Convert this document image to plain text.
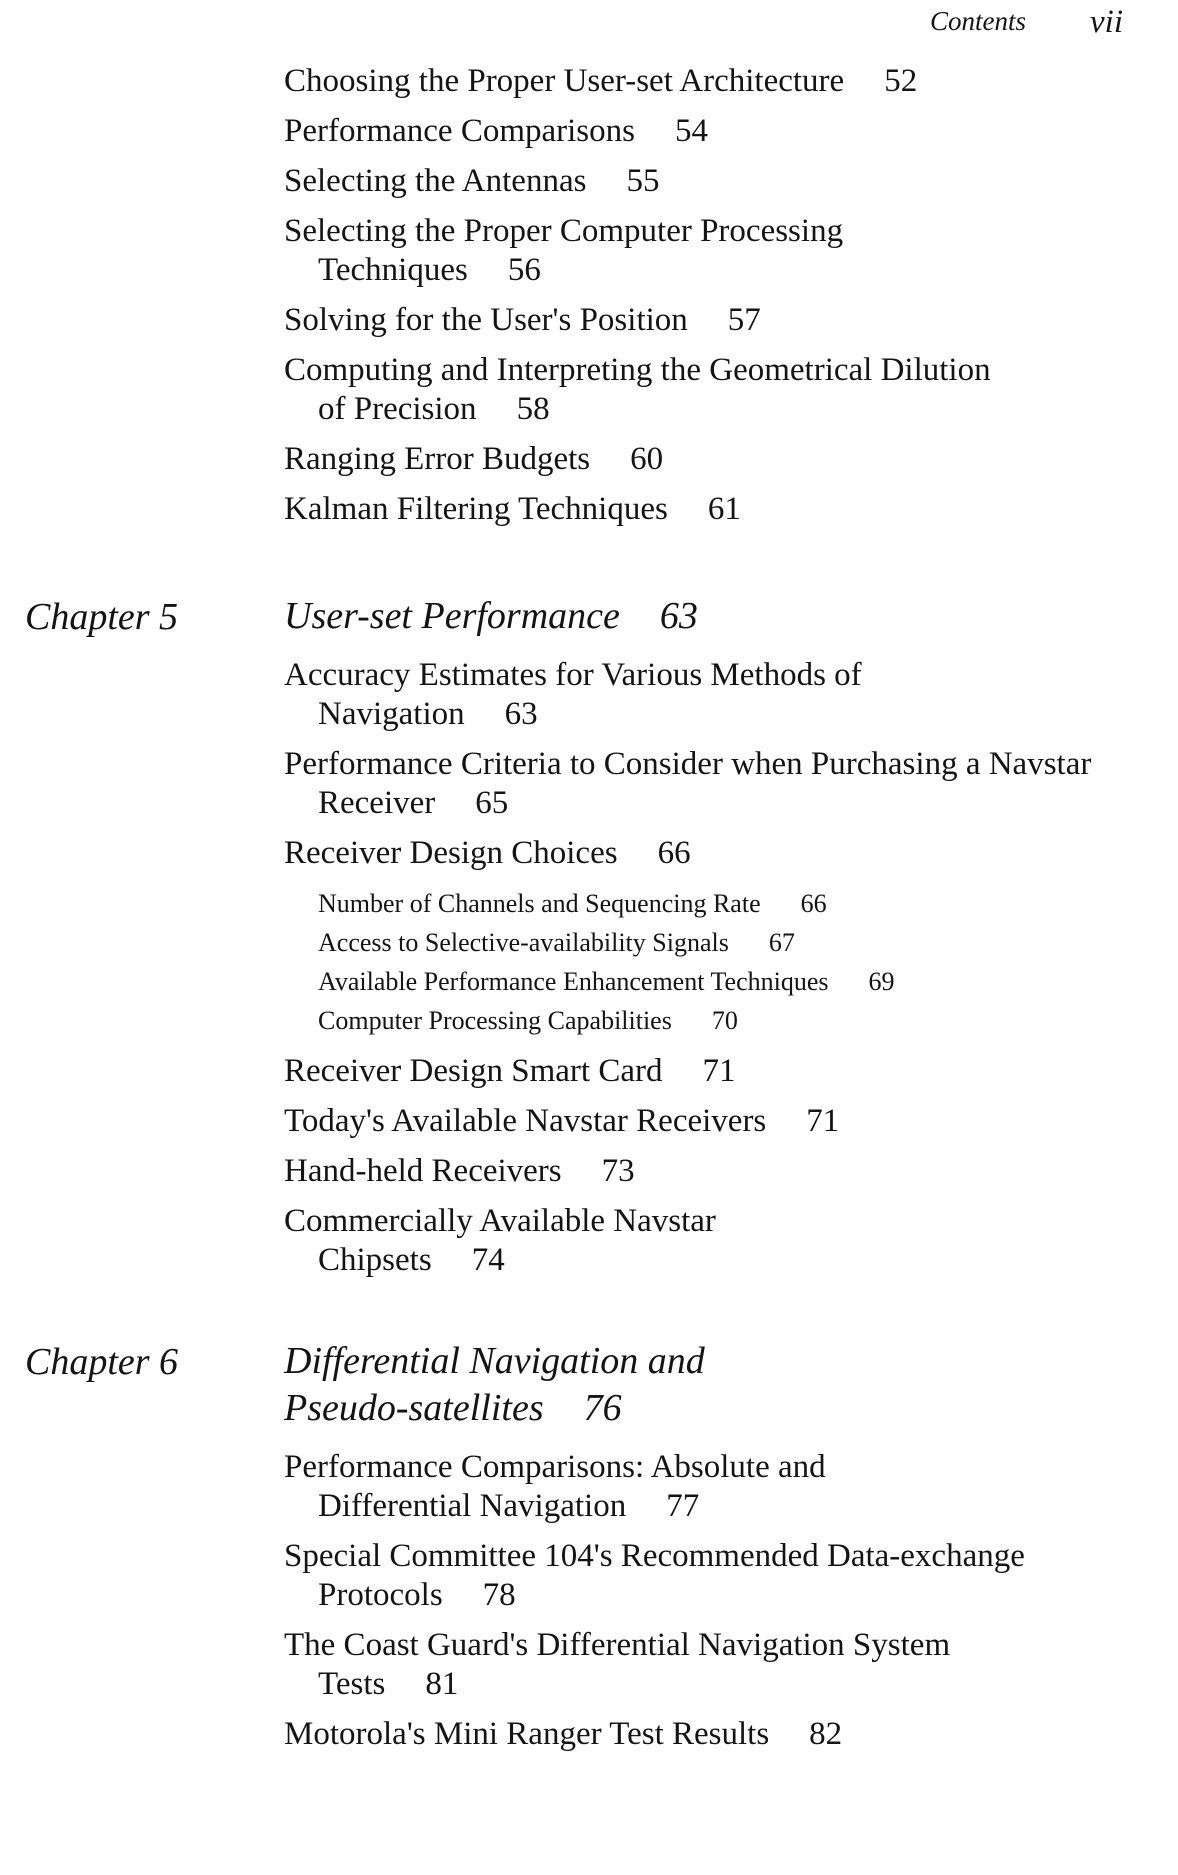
Contents vii
Choosing the Proper User-set Architecture 52
Performance Comparisons 54
Selecting the Antennas 55
Selecting the Proper Computer Processing Techniques 56
Solving for the User's Position 57
Computing and Interpreting the Geometrical Dilution of Precision 58
Ranging Error Budgets 60
Kalman Filtering Techniques 61
Chapter 5	User-set Performance 63
Accuracy Estimates for Various Methods of Navigation 63
Performance Criteria to Consider when Purchasing a Navstar Receiver 65
Receiver Design Choices 66
Number of Channels and Sequencing Rate 66
Access to Selective-availability Signals 67
Available Performance Enhancement Techniques 69
Computer Processing Capabilities 70
Receiver Design Smart Card 71
Today's Available Navstar Receivers 71
Hand-held Receivers 73
Commercially Available Navstar Chipsets 74
Chapter 6	Differential Navigation and
Pseudo-satellites 76
Performance Comparisons: Absolute and Differential Navigation 77
Special Committee 104's Recommended Data-exchange Protocols 78
The Coast Guard's Differential Navigation System Tests 81
Motorola's Mini Ranger Test Results 82
